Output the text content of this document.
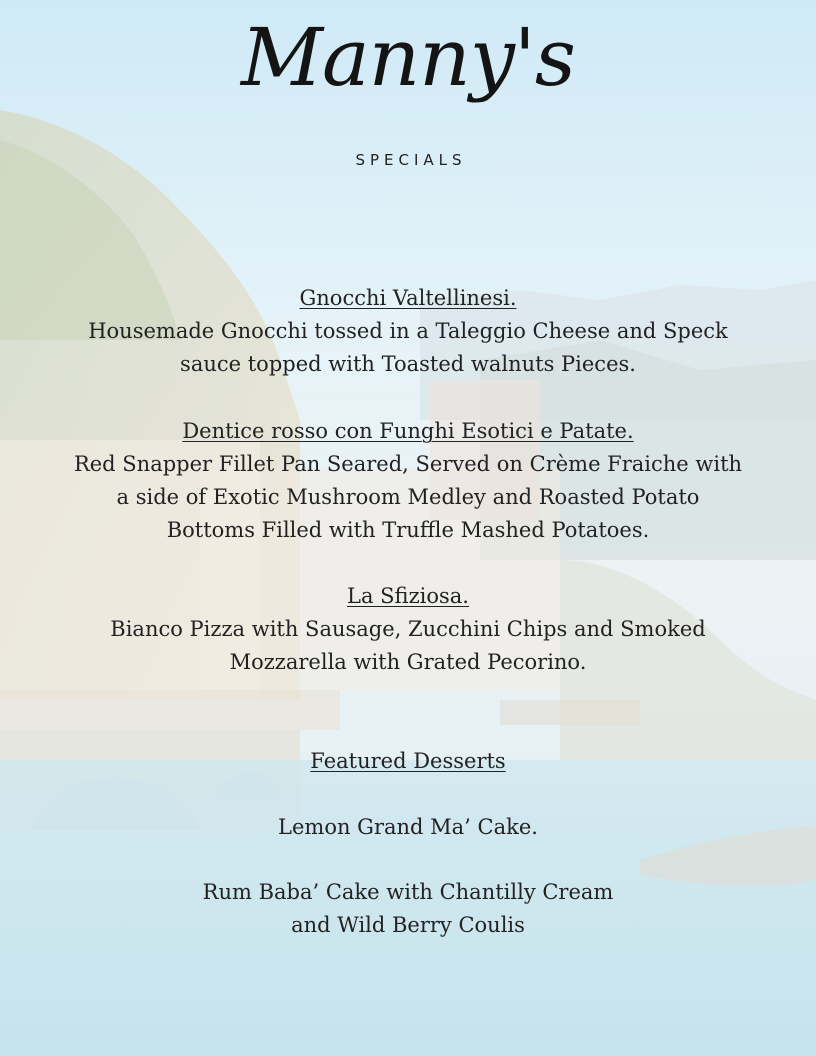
Manny's
SPECIALS
Gnocchi Valtellinesi.
Housemade Gnocchi tossed in a Taleggio Cheese and Speck
sauce topped with Toasted walnuts Pieces.
Dentice rosso con Funghi Esotici e Patate.
Red Snapper Fillet Pan Seared, Served on Crème Fraiche with
a side of Exotic Mushroom Medley and Roasted Potato
Bottoms Filled with Truffle Mashed Potatoes.
La Sfiziosa.
Bianco Pizza with Sausage, Zucchini Chips and Smoked
Mozzarella with Grated Pecorino.
Featured Desserts
Lemon Grand Ma’ Cake.
Rum Baba’ Cake with Chantilly Cream
and Wild Berry Coulis
